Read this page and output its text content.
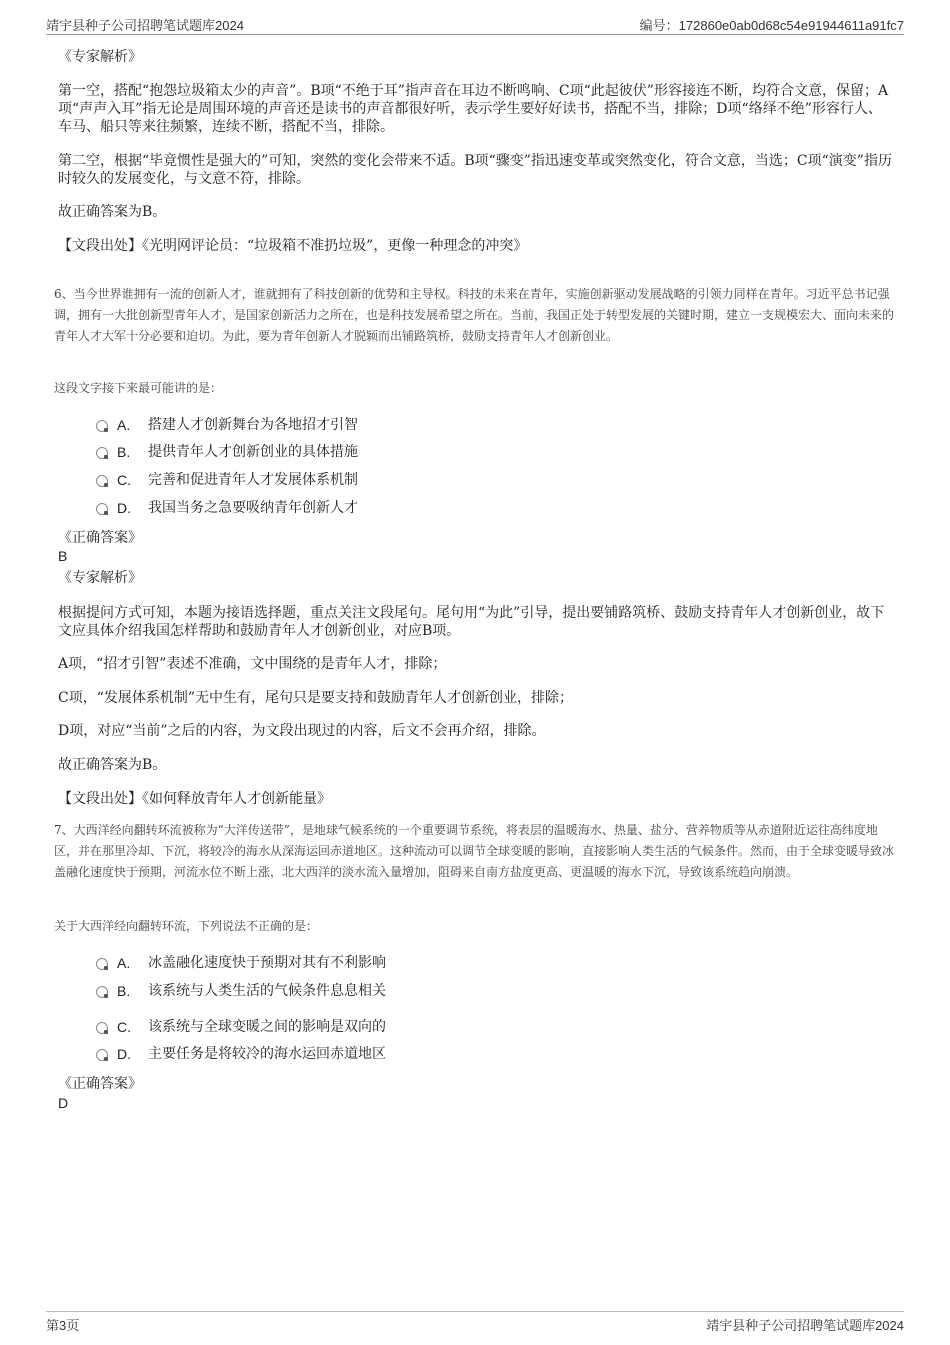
靖宇县种子公司招聘笔试题库2024	编号：172860e0ab0d68c54e91944611a91fc7

《专家解析》

第一空，搭配“抱怨垃圾箱太少的声音”。B项“不绝于耳”指声音在耳边不断鸣响、C项“此起彼伏”形容接连不断，均符合文意，保留；A项“声声入耳”指无论是周围环境的声音还是读书的声音都很好听，表示学生要好好读书，搭配不当，排除；D项“络绎不绝”形容行人、车马、船只等来往频繁，连续不断，搭配不当，排除。

第二空，根据“毕竟惯性是强大的”可知，突然的变化会带来不适。B项“骤变”指迅速变革或突然变化，符合文意，当选；C项“演变”指历时较久的发展变化，与文意不符，排除。

故正确答案为B。

【文段出处】《光明网评论员：“垃圾箱不准扔垃圾”，更像一种理念的冲突》

6、当今世界谁拥有一流的创新人才，谁就拥有了科技创新的优势和主导权。科技的未来在青年，实施创新驱动发展战略的引领力同样在青年。习近平总书记强调，拥有一大批创新型青年人才，是国家创新活力之所在，也是科技发展希望之所在。当前，我国正处于转型发展的关键时期，建立一支规模宏大、面向未来的青年人才大军十分必要和迫切。为此，要为青年创新人才脱颖而出铺路筑桥，鼓励支持青年人才创新创业。

这段文字接下来最可能讲的是：

A. 搭建人才创新舞台为各地招才引智
B. 提供青年人才创新创业的具体措施
C. 完善和促进青年人才发展体系机制
D. 我国当务之急要吸纳青年创新人才

《正确答案》

B

《专家解析》

根据提问方式可知，本题为接语选择题，重点关注文段尾句。尾句用“为此”引导，提出要铺路筑桥、鼓励支持青年人才创新创业，故下文应具体介绍我国怎样帮助和鼓励青年人才创新创业，对应B项。

A项，“招才引智”表述不准确，文中围绕的是青年人才，排除；

C项，“发展体系机制”无中生有，尾句只是要支持和鼓励青年人才创新创业，排除；

D项，对应“当前”之后的内容，为文段出现过的内容，后文不会再介绍，排除。

故正确答案为B。

【文段出处】《如何释放青年人才创新能量》

7、大西洋经向翻转环流被称为“大洋传送带”，是地球气候系统的一个重要调节系统，将表层的温暖海水、热量、盐分、营养物质等从赤道附近运往高纬度地区，并在那里冷却、下沉，将较冷的海水从深海运回赤道地区。这种流动可以调节全球变暖的影响，直接影响人类生活的气候条件。然而，由于全球变暖导致冰盖融化速度快于预期，河流水位不断上涨，北大西洋的淡水流入量增加，阻碍来自南方盐度更高、更温暖的海水下沉，导致该系统趋向崩溃。

关于大西洋经向翻转环流，下列说法不正确的是：

A. 冰盖融化速度快于预期对其有不利影响
B. 该系统与人类生活的气候条件息息相关
C. 该系统与全球变暖之间的影响是双向的
D. 主要任务是将较冷的海水运回赤道地区

《正确答案》

D
第3页	靖宇县种子公司招聘笔试题库2024
